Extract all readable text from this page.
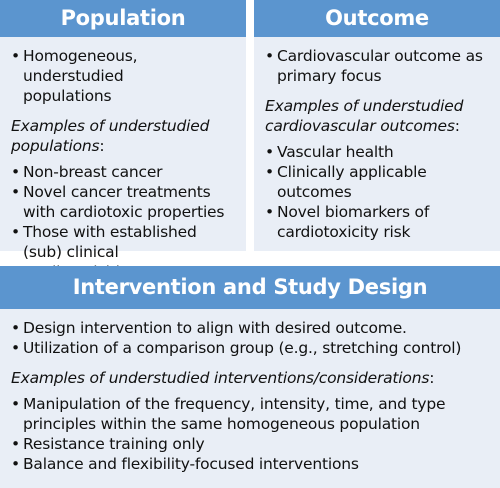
Population
• Homogeneous, understudied populations
Examples of understudied populations:
• Non-breast cancer
• Novel cancer treatments with cardiotoxic properties
• Those with established (sub) clinical
Outcome
• Cardiovascular outcome as primary focus
Examples of understudied cardiovascular outcomes:
• Vascular health
• Clinically applicable outcomes
• Novel biomarkers of cardiotoxicity risk
Intervention and Study Design
• Design intervention to align with desired outcome.
• Utilization of a comparison group (e.g., stretching control)
Examples of understudied interventions/considerations:
• Manipulation of the frequency, intensity, time, and type principles within the same homogeneous population
• Resistance training only
• Balance and flexibility-focused interventions
